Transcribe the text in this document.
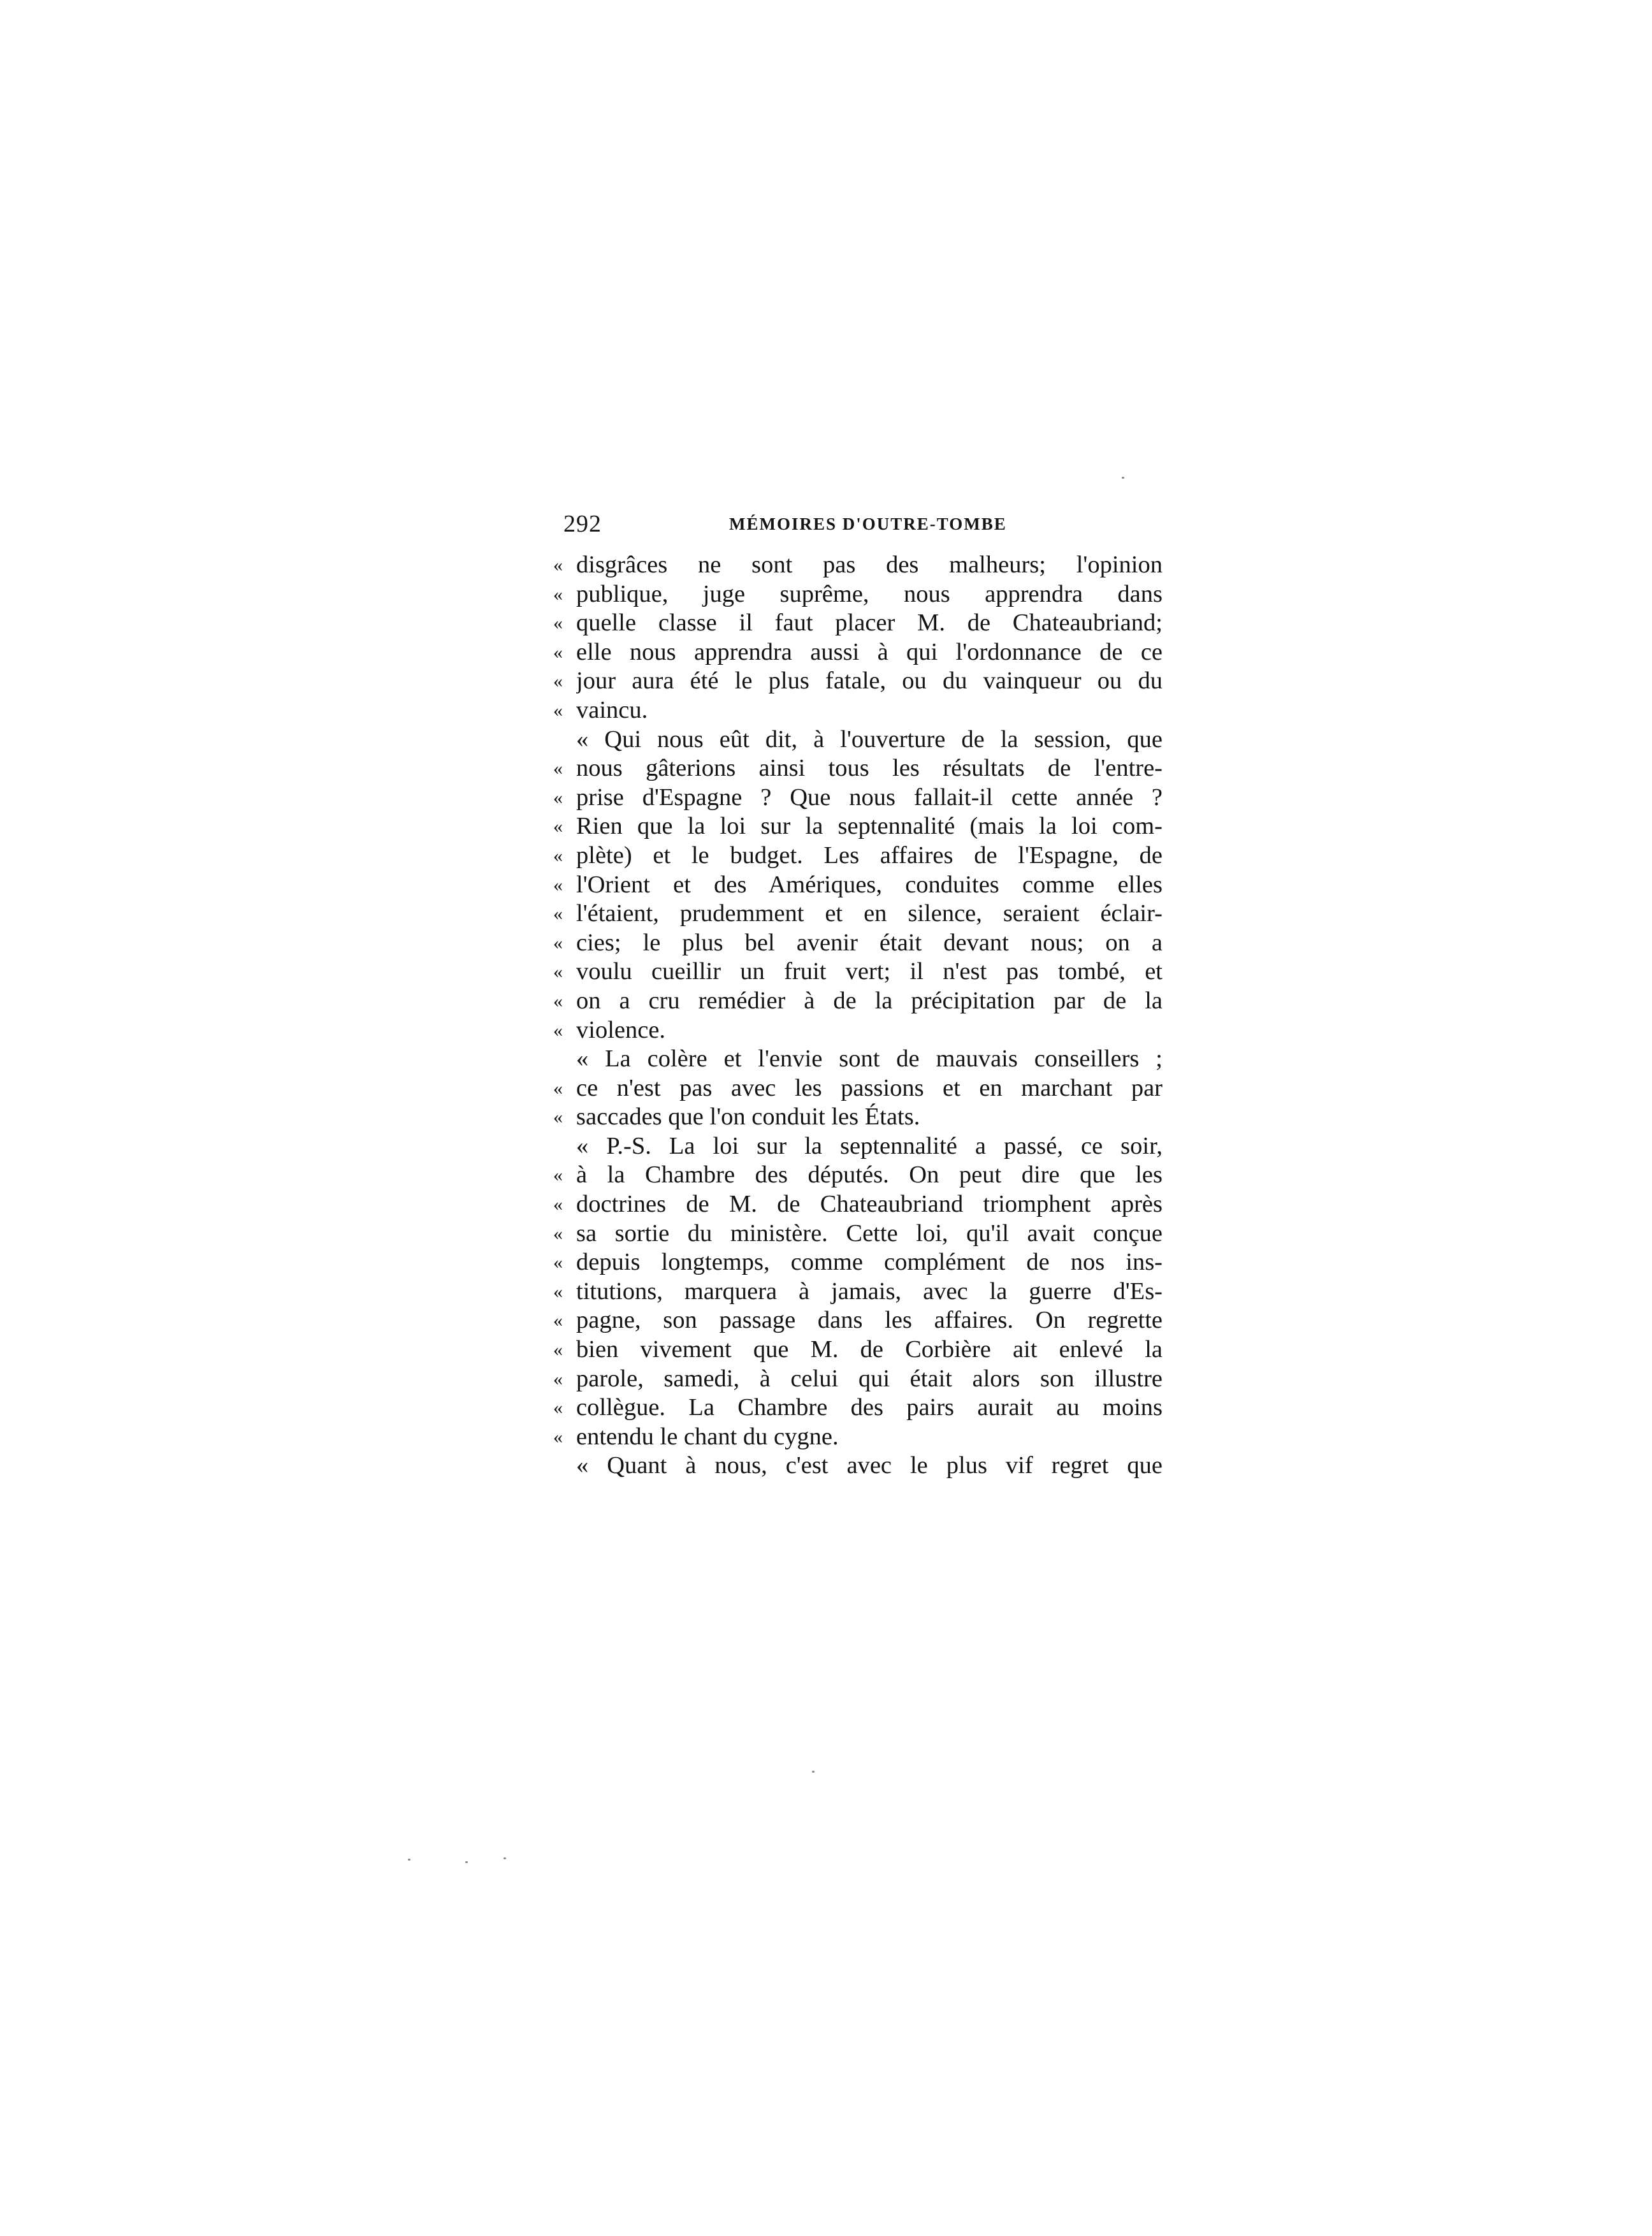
292	MÉMOIRES D'OUTRE-TOMBE
« disgrâces ne sont pas des malheurs; l'opinion
« publique, juge suprême, nous apprendra dans
« quelle classe il faut placer M. de Chateaubriand;
« elle nous apprendra aussi à qui l'ordonnance de ce
« jour aura été le plus fatale, ou du vainqueur ou du
« vaincu.
« Qui nous eût dit, à l'ouverture de la session, que
« nous gâterions ainsi tous les résultats de l'entre-
« prise d'Espagne ? Que nous fallait-il cette année ?
« Rien que la loi sur la septennalité (mais la loi com-
« plète) et le budget. Les affaires de l'Espagne, de
« l'Orient et des Amériques, conduites comme elles
« l'étaient, prudemment et en silence, seraient éclair-
« cies; le plus bel avenir était devant nous; on a
« voulu cueillir un fruit vert; il n'est pas tombé, et
« on a cru remédier à de la précipitation par de la
« violence.
« La colère et l'envie sont de mauvais conseillers ;
« ce n'est pas avec les passions et en marchant par
« saccades que l'on conduit les États.
« P.-S. La loi sur la septennalité a passé, ce soir,
« à la Chambre des députés. On peut dire que les
« doctrines de M. de Chateaubriand triomphent après
« sa sortie du ministère. Cette loi, qu'il avait conçue
« depuis longtemps, comme complément de nos ins-
« titutions, marquera à jamais, avec la guerre d'Es-
« pagne, son passage dans les affaires. On regrette
« bien vivement que M. de Corbière ait enlevé la
« parole, samedi, à celui qui était alors son illustre
« collègue. La Chambre des pairs aurait au moins
« entendu le chant du cygne.
« Quant à nous, c'est avec le plus vif regret que
